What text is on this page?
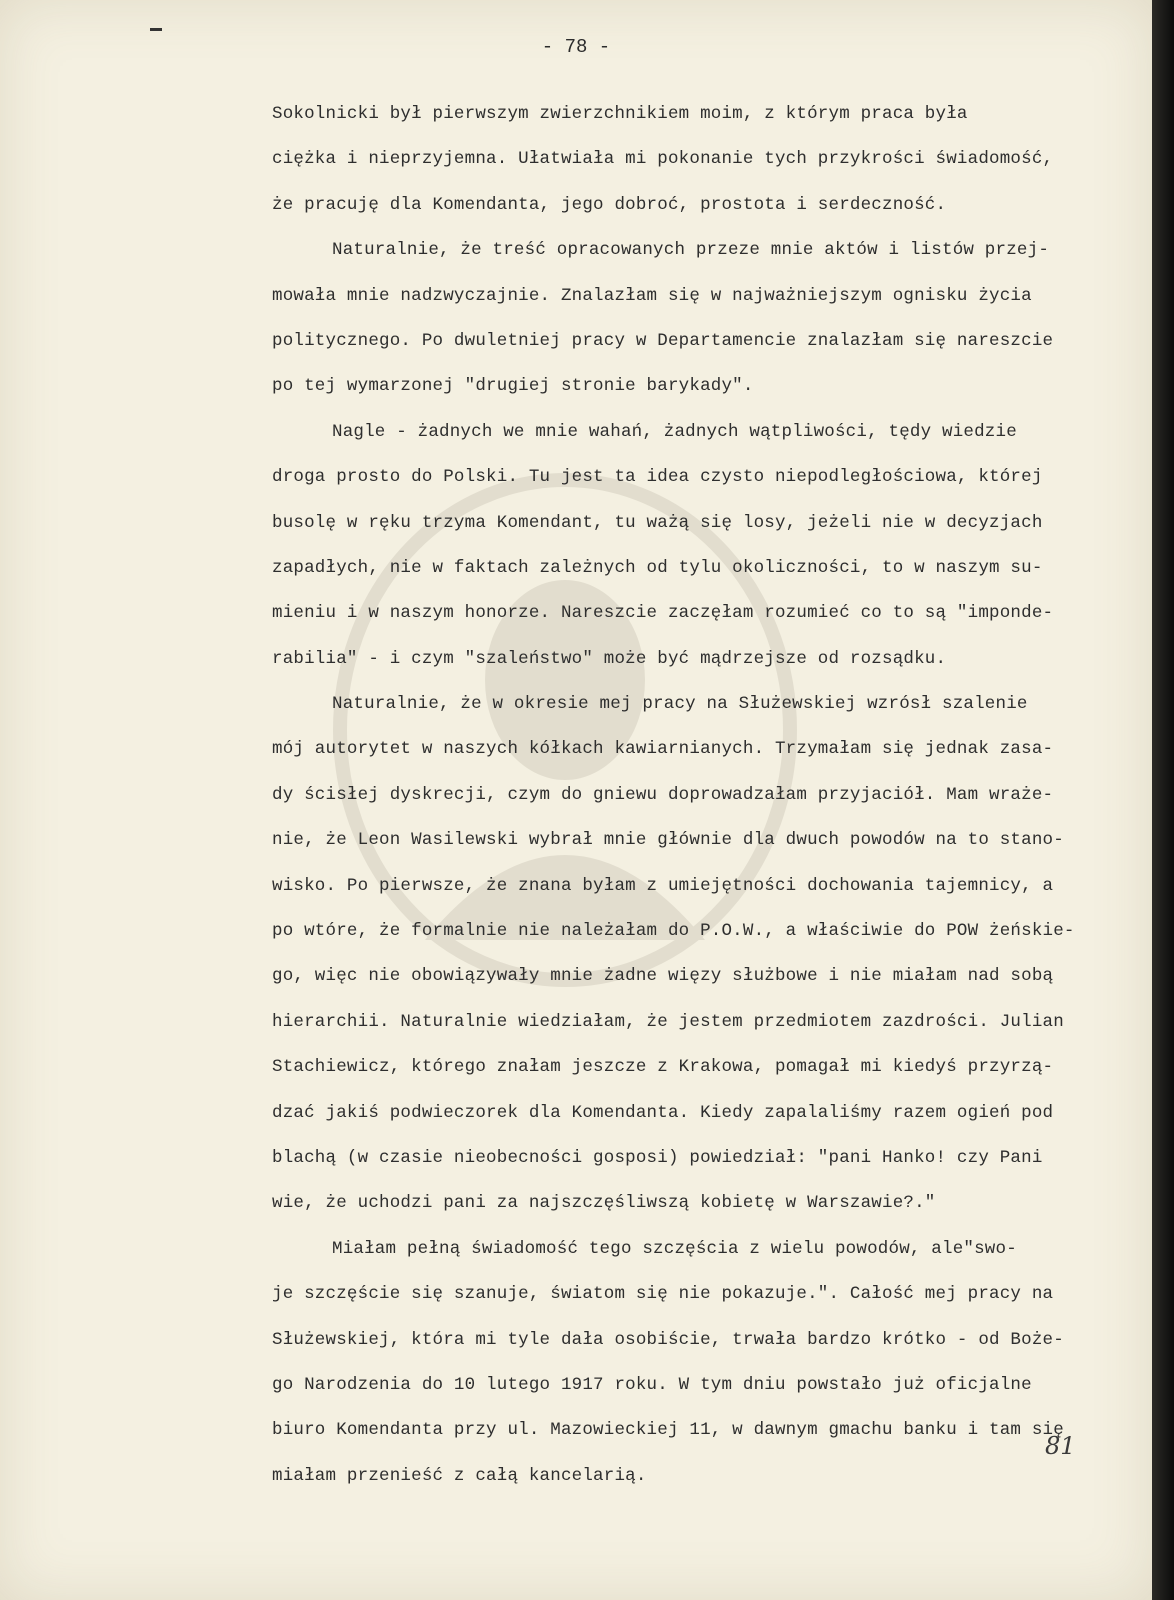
- 78 -
Sokolnicki był pierwszym zwierzchnikiem moim, z którym praca była
ciężka i nieprzyjemna. Ułatwiała mi pokonanie tych przykrości świadomość,
że pracuję dla Komendanta, jego dobroć, prostota i serdeczność.
Naturalnie, że treść opracowanych przeze mnie aktów i listów przej-
mowała mnie nadzwyczajnie. Znalazłam się w najważniejszym ognisku życia
politycznego. Po dwuletniej pracy w Departamencie znalazłam się nareszcie
po tej wymarzonej "drugiej stronie barykady".
Nagle - żadnych we mnie wahań, żadnych wątpliwości, tędy wiedzie
droga prosto do Polski. Tu jest ta idea czysto niepodległościowa, której
busolę w ręku trzyma Komendant, tu ważą się losy, jeżeli nie w decyzjach
zapadłych, nie w faktach zależnych od tylu okoliczności, to w naszym su-
mieniu i w naszym honorze. Nareszcie zaczęłam rozumieć co to są "imponde-
rabilia" - i czym "szaleństwo" może być mądrzejsze od rozsądku.
Naturalnie, że w okresie mej pracy na Służewskiej wzrósł szalenie
mój autorytet w naszych kółkach kawiarnianych. Trzymałam się jednak zasa-
dy ścisłej dyskrecji, czym do gniewu doprowadzałam przyjaciół. Mam wraże-
nie, że Leon Wasilewski wybrał mnie głównie dla dwuch powodów na to stano-
wisko. Po pierwsze, że znana byłam z umiejętności dochowania tajemnicy, a
po wtóre, że formalnie nie należałam do P.O.W., a właściwie do POW żeńskie-
go, więc nie obowiązywały mnie żadne więzy służbowe i nie miałam nad sobą
hierarchii. Naturalnie wiedziałam, że jestem przedmiotem zazdrości. Julian
Stachiewicz, którego znałam jeszcze z Krakowa, pomagał mi kiedyś przyrzą-
dzać jakiś podwieczorek dla Komendanta. Kiedy zapalaliśmy razem ogień pod
blachą (w czasie nieobecności gosposi) powiedział: "pani Hanko! czy Pani
wie, że uchodzi pani za najszczęśliwszą kobietę w Warszawie?."
Miałam pełną świadomość tego szczęścia z wielu powodów, ale"swo-
je szczęście się szanuje, światom się nie pokazuje.". Całość mej pracy na
Służewskiej, która mi tyle dała osobiście, trwała bardzo krótko - od Boże-
go Narodzenia do 10 lutego 1917 roku. W tym dniu powstało już oficjalne
biuro Komendanta przy ul. Mazowieckiej 11, w dawnym gmachu banku i tam się
miałam przenieść z całą kancelarią.
81
